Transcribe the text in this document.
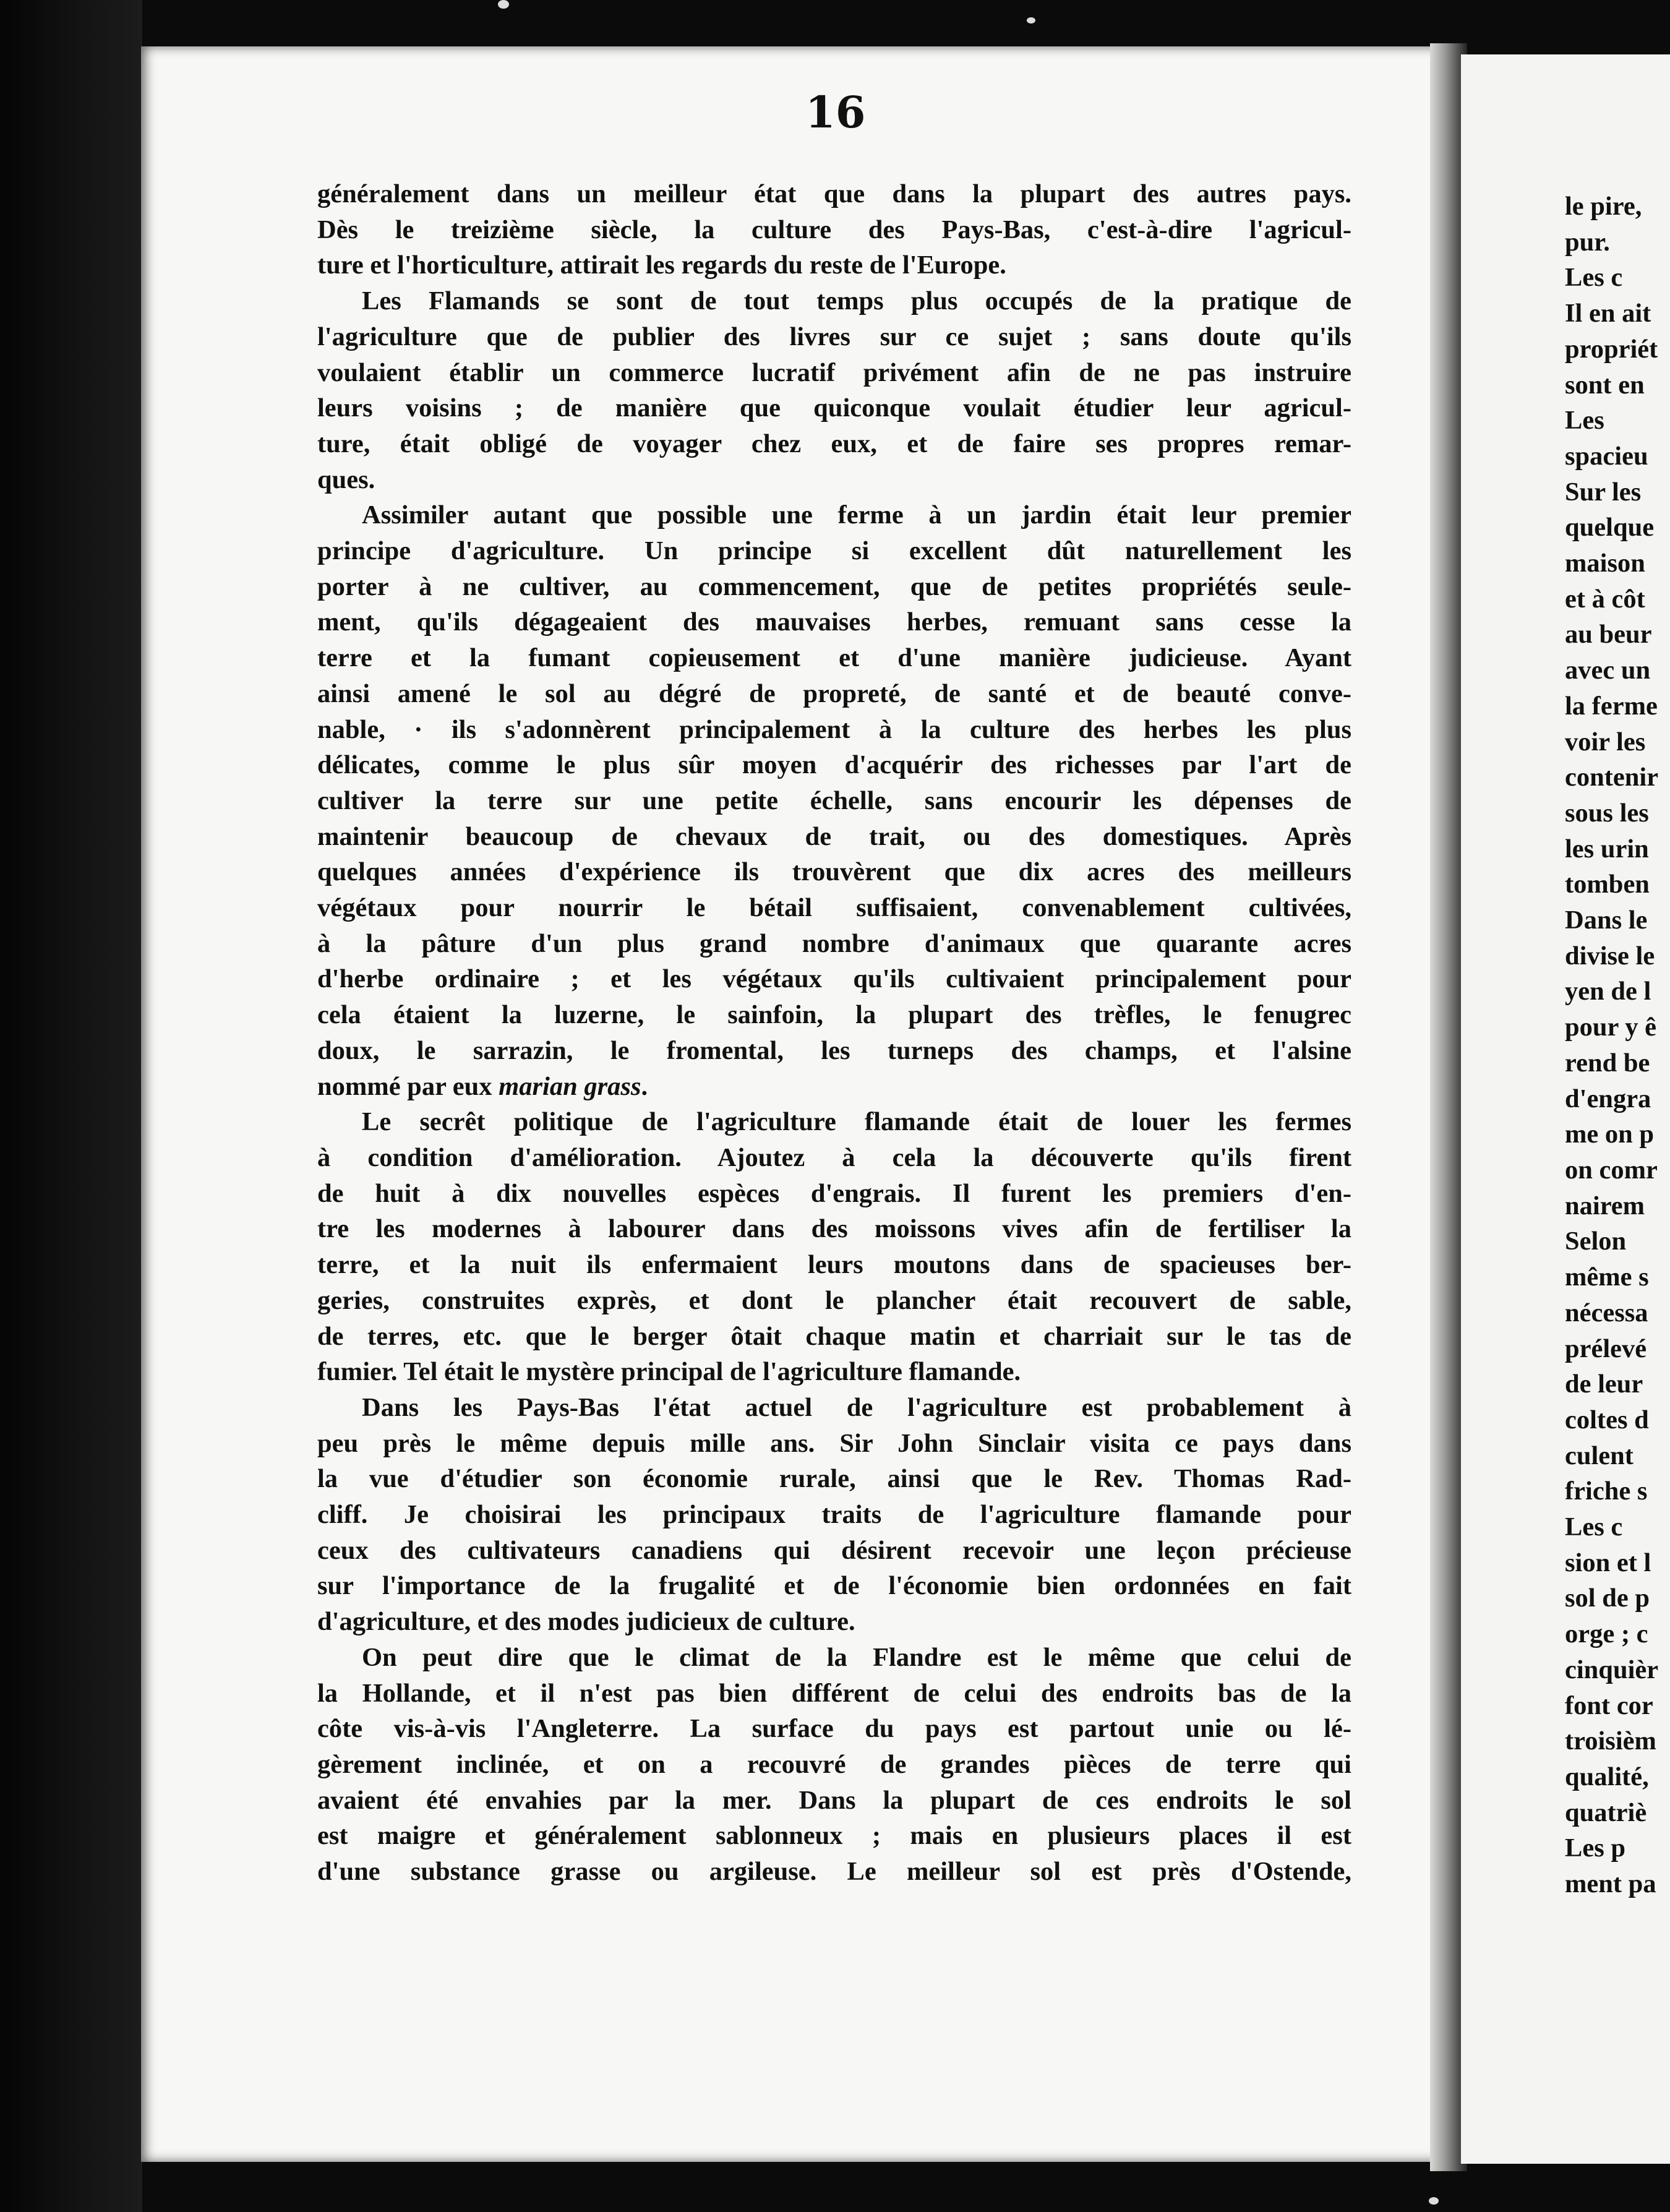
16
généralement dans un meilleur état que dans la plupart des autres pays.
Dès le treizième siècle, la culture des Pays-Bas, c'est-à-dire l'agricul-
ture et l'horticulture, attirait les regards du reste de l'Europe.
Les Flamands se sont de tout temps plus occupés de la pratique de
l'agriculture que de publier des livres sur ce sujet ; sans doute qu'ils
voulaient établir un commerce lucratif privément afin de ne pas instruire
leurs voisins ; de manière que quiconque voulait étudier leur agricul-
ture, était obligé de voyager chez eux, et de faire ses propres remar-
ques.
Assimiler autant que possible une ferme à un jardin était leur premier
principe d'agriculture. Un principe si excellent dût naturellement les
porter à ne cultiver, au commencement, que de petites propriétés seule-
ment, qu'ils dégageaient des mauvaises herbes, remuant sans cesse la
terre et la fumant copieusement et d'une manière judicieuse. Ayant
ainsi amené le sol au dégré de propreté, de santé et de beauté conve-
nable, · ils s'adonnèrent principalement à la culture des herbes les plus
délicates, comme le plus sûr moyen d'acquérir des richesses par l'art de
cultiver la terre sur une petite échelle, sans encourir les dépenses de
maintenir beaucoup de chevaux de trait, ou des domestiques. Après
quelques années d'expérience ils trouvèrent que dix acres des meilleurs
végétaux pour nourrir le bétail suffisaient, convenablement cultivées,
à la pâture d'un plus grand nombre d'animaux que quarante acres
d'herbe ordinaire ; et les végétaux qu'ils cultivaient principalement pour
cela étaient la luzerne, le sainfoin, la plupart des trèfles, le fenugrec
doux, le sarrazin, le fromental, les turneps des champs, et l'alsine
nommé par eux marian grass.
Le secrêt politique de l'agriculture flamande était de louer les fermes
à condition d'amélioration. Ajoutez à cela la découverte qu'ils firent
de huit à dix nouvelles espèces d'engrais. Il furent les premiers d'en-
tre les modernes à labourer dans des moissons vives afin de fertiliser la
terre, et la nuit ils enfermaient leurs moutons dans de spacieuses ber-
geries, construites exprès, et dont le plancher était recouvert de sable,
de terres, etc. que le berger ôtait chaque matin et charriait sur le tas de
fumier. Tel était le mystère principal de l'agriculture flamande.
Dans les Pays-Bas l'état actuel de l'agriculture est probablement à
peu près le même depuis mille ans. Sir John Sinclair visita ce pays dans
la vue d'étudier son économie rurale, ainsi que le Rev. Thomas Rad-
cliff. Je choisirai les principaux traits de l'agriculture flamande pour
ceux des cultivateurs canadiens qui désirent recevoir une leçon précieuse
sur l'importance de la frugalité et de l'économie bien ordonnées en fait
d'agriculture, et des modes judicieux de culture.
On peut dire que le climat de la Flandre est le même que celui de
la Hollande, et il n'est pas bien différent de celui des endroits bas de la
côte vis-à-vis l'Angleterre. La surface du pays est partout unie ou lé-
gèrement inclinée, et on a recouvré de grandes pièces de terre qui
avaient été envahies par la mer. Dans la plupart de ces endroits le sol
est maigre et généralement sablonneux ; mais en plusieurs places il est
d'une substance grasse ou argileuse. Le meilleur sol est près d'Ostende,
le pire,
pur.
Les c
Il en ait
propriét
sont en
Les
spacieu
Sur les
quelque
maison
et à côt
au beur
avec un
la ferme
voir les
contenir
sous les
les urin
tomben
Dans le
divise le
yen de l
pour y ê
rend be
d'engra
me on p
on comr
nairem
Selon
même s
nécessa
prélevé
de leur
coltes d
culent
friche s
Les c
sion et l
sol de p
orge ; c
cinquièr
font cor
troisièm
qualité,
quatriè
Les p
ment pa
